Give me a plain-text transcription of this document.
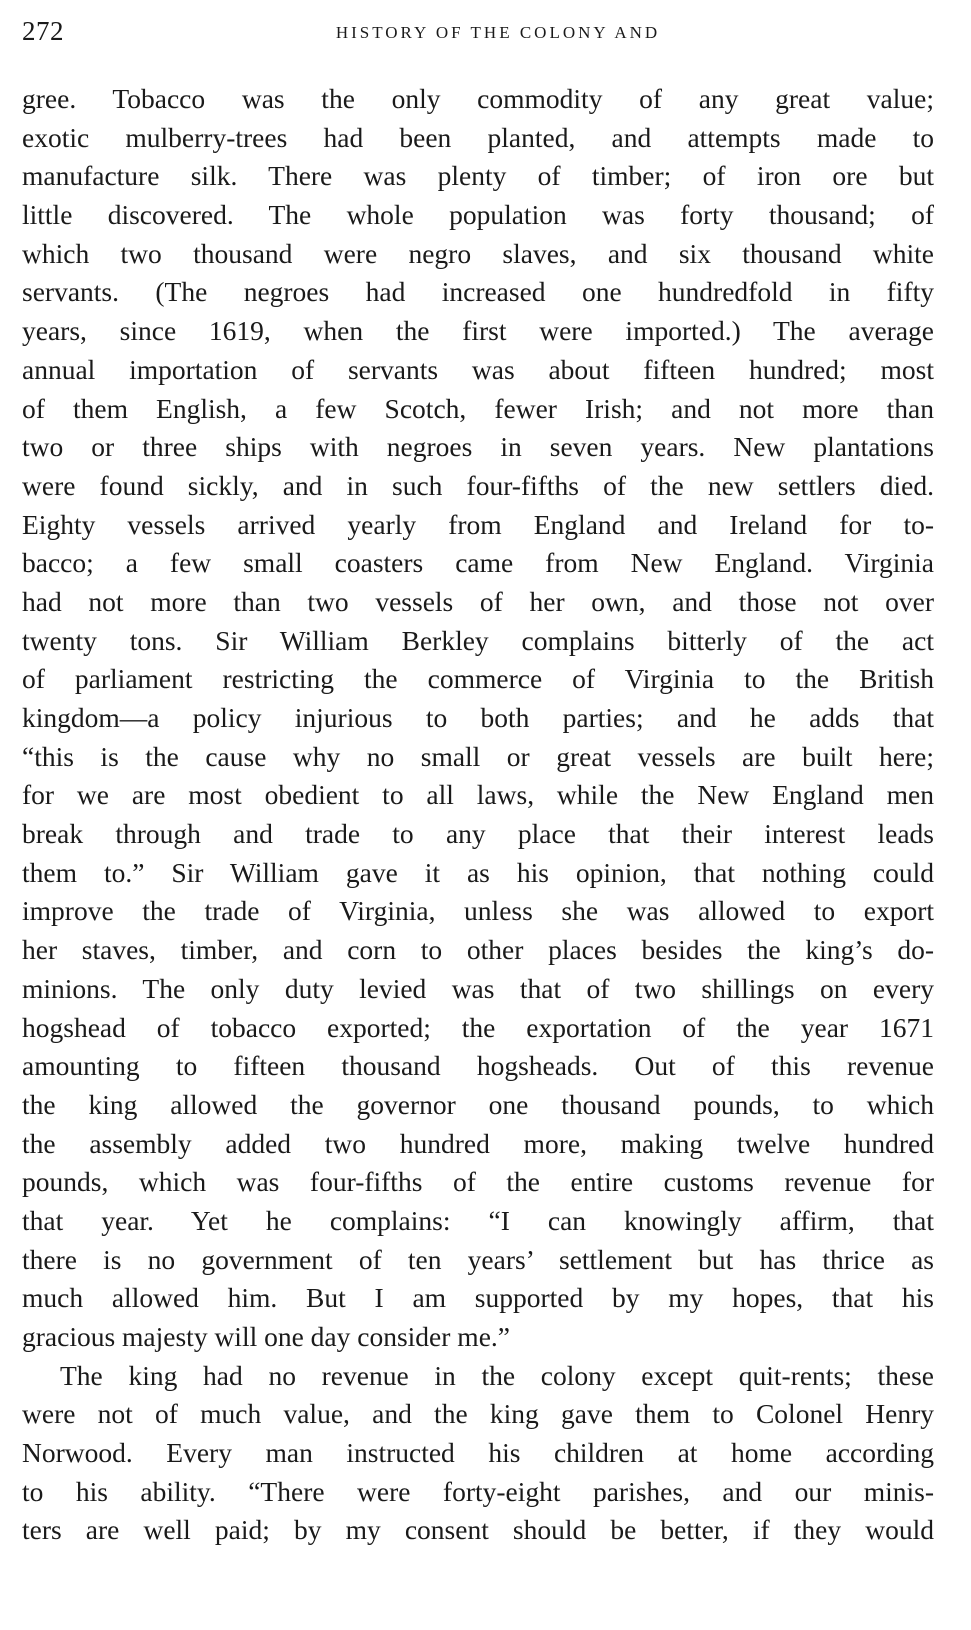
272	HISTORY OF THE COLONY AND
gree. Tobacco was the only commodity of any great value;
exotic mulberry-trees had been planted, and attempts made to
manufacture silk. There was plenty of timber; of iron ore but
little discovered. The whole population was forty thousand; of
which two thousand were negro slaves, and six thousand white
servants. (The negroes had increased one hundredfold in fifty
years, since 1619, when the first were imported.) The average
annual importation of servants was about fifteen hundred; most
of them English, a few Scotch, fewer Irish; and not more than
two or three ships with negroes in seven years. New plantations
were found sickly, and in such four-fifths of the new settlers died.
Eighty vessels arrived yearly from England and Ireland for to-
bacco; a few small coasters came from New England. Virginia
had not more than two vessels of her own, and those not over
twenty tons. Sir William Berkley complains bitterly of the act
of parliament restricting the commerce of Virginia to the British
kingdom—a policy injurious to both parties; and he adds that
“this is the cause why no small or great vessels are built here;
for we are most obedient to all laws, while the New England men
break through and trade to any place that their interest leads
them to.” Sir William gave it as his opinion, that nothing could
improve the trade of Virginia, unless she was allowed to export
her staves, timber, and corn to other places besides the king’s do-
minions. The only duty levied was that of two shillings on every
hogshead of tobacco exported; the exportation of the year 1671
amounting to fifteen thousand hogsheads. Out of this revenue
the king allowed the governor one thousand pounds, to which
the assembly added two hundred more, making twelve hundred
pounds, which was four-fifths of the entire customs revenue for
that year. Yet he complains: “I can knowingly affirm, that
there is no government of ten years’ settlement but has thrice as
much allowed him. But I am supported by my hopes, that his
gracious majesty will one day consider me.”
The king had no revenue in the colony except quit-rents; these
were not of much value, and the king gave them to Colonel Henry
Norwood. Every man instructed his children at home according
to his ability. “There were forty-eight parishes, and our minis-
ters are well paid; by my consent should be better, if they would
